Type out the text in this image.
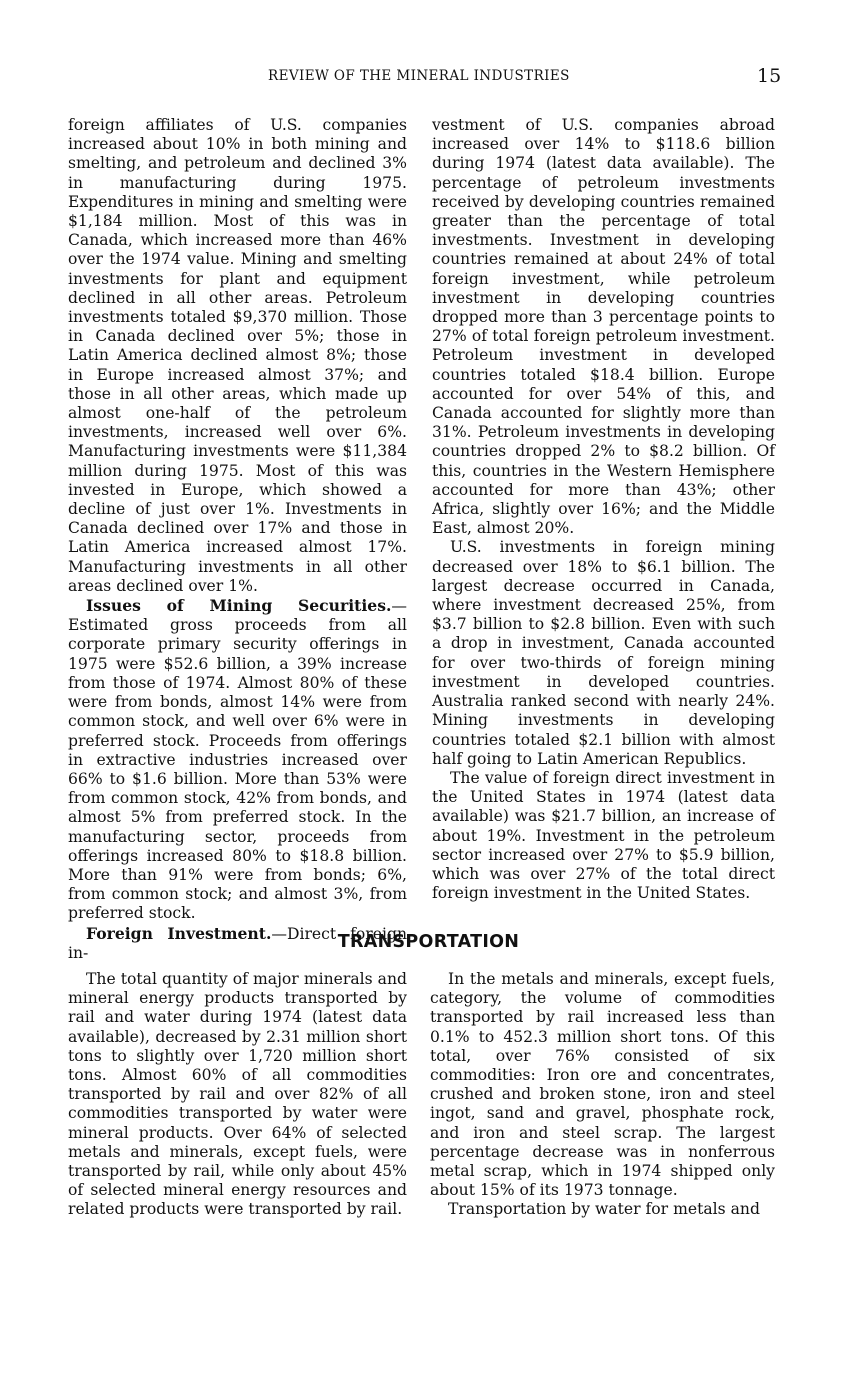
REVIEW OF THE MINERAL INDUSTRIES	15

foreign affiliates of U.S. companies increased about 10% in both mining and smelting, and petroleum and declined 3% in manufacturing during 1975. Expenditures in mining and smelting were $1,184 million. Most of this was in Canada, which increased more than 46% over the 1974 value. Mining and smelting investments for plant and equipment declined in all other areas. Petroleum investments totaled $9,370 million. Those in Canada declined over 5%; those in Latin America declined almost 8%; those in Europe increased almost 37%; and those in all other areas, which made up almost one-half of the petroleum investments, increased well over 6%. Manufacturing investments were $11,384 million during 1975. Most of this was invested in Europe, which showed a decline of just over 1%. Investments in Canada declined over 17% and those in Latin America increased almost 17%. Manufacturing investments in all other areas declined over 1%.

Issues of Mining Securities.—Estimated gross proceeds from all corporate primary security offerings in 1975 were $52.6 billion, a 39% increase from those of 1974. Almost 80% of these were from bonds, almost 14% were from common stock, and well over 6% were in preferred stock. Proceeds from offerings in extractive industries increased over 66% to $1.6 billion. More than 53% were from common stock, 42% from bonds, and almost 5% from preferred stock. In the manufacturing sector, proceeds from offerings increased 80% to $18.8 billion. More than 91% were from bonds; 6%, from common stock; and almost 3%, from preferred stock.

Foreign Investment.—Direct foreign in-

vestment of U.S. companies abroad increased over 14% to $118.6 billion during 1974 (latest data available). The percentage of petroleum investments received by developing countries remained greater than the percentage of total investments. Investment in developing countries remained at about 24% of total foreign investment, while petroleum investment in developing countries dropped more than 3 percentage points to 27% of total foreign petroleum investment. Petroleum investment in developed countries totaled $18.4 billion. Europe accounted for over 54% of this, and Canada accounted for slightly more than 31%. Petroleum investments in developing countries dropped 2% to $8.2 billion. Of this, countries in the Western Hemisphere accounted for more than 43%; other Africa, slightly over 16%; and the Middle East, almost 20%.

U.S. investments in foreign mining decreased over 18% to $6.1 billion. The largest decrease occurred in Canada, where investment decreased 25%, from $3.7 billion to $2.8 billion. Even with such a drop in investment, Canada accounted for over two-thirds of foreign mining investment in developed countries. Australia ranked second with nearly 24%. Mining investments in developing countries totaled $2.1 billion with almost half going to Latin American Republics.

The value of foreign direct investment in the United States in 1974 (latest data available) was $21.7 billion, an increase of about 19%. Investment in the petroleum sector increased over 27% to $5.9 billion, which was over 27% of the total direct foreign investment in the United States.

TRANSPORTATION

The total quantity of major minerals and mineral energy products transported by rail and water during 1974 (latest data available), decreased by 2.31 million short tons to slightly over 1,720 million short tons. Almost 60% of all commodities transported by rail and over 82% of all commodities transported by water were mineral products. Over 64% of selected metals and minerals, except fuels, were transported by rail, while only about 45% of selected mineral energy resources and related products were transported by rail.

In the metals and minerals, except fuels, category, the volume of commodities transported by rail increased less than 0.1% to 452.3 million short tons. Of this total, over 76% consisted of six commodities: Iron ore and concentrates, crushed and broken stone, iron and steel ingot, sand and gravel, phosphate rock, and iron and steel scrap. The largest percentage decrease was in nonferrous metal scrap, which in 1974 shipped only about 15% of its 1973 tonnage.

Transportation by water for metals and
